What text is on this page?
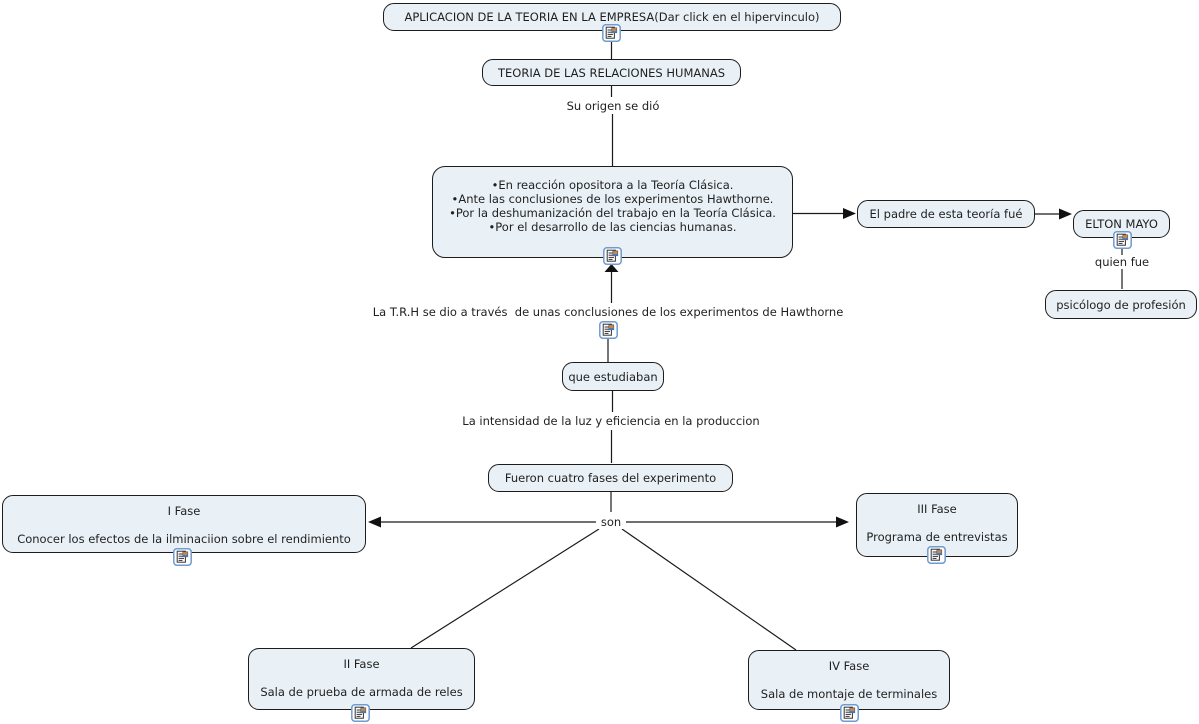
APLICACION DE LA TEORIA EN LA EMPRESA(Dar click en el hipervinculo)
TEORIA DE LAS RELACIONES HUMANAS
•En reacción opositora a la Teoría Clásica.
•Ante las conclusiones de los experimentos Hawthorne.
•Por la deshumanización del trabajo en la Teoría Clásica.
•Por el desarrollo de las ciencias humanas.
El padre de esta teoría fué
ELTON MAYO
psicólogo de profesión
que estudiaban
Fueron cuatro fases del experimento
I Fase
Conocer los efectos de la ilminaciion sobre el rendimiento
III Fase
Programa de entrevistas
II Fase
Sala de prueba de armada de reles
IV Fase
Sala de montaje de terminales
Su origen se dió
La T.R.H se dio a través  de unas conclusiones de los experimentos de Hawthorne
La intensidad de la luz y eficiencia en la produccion
quien fue
son
